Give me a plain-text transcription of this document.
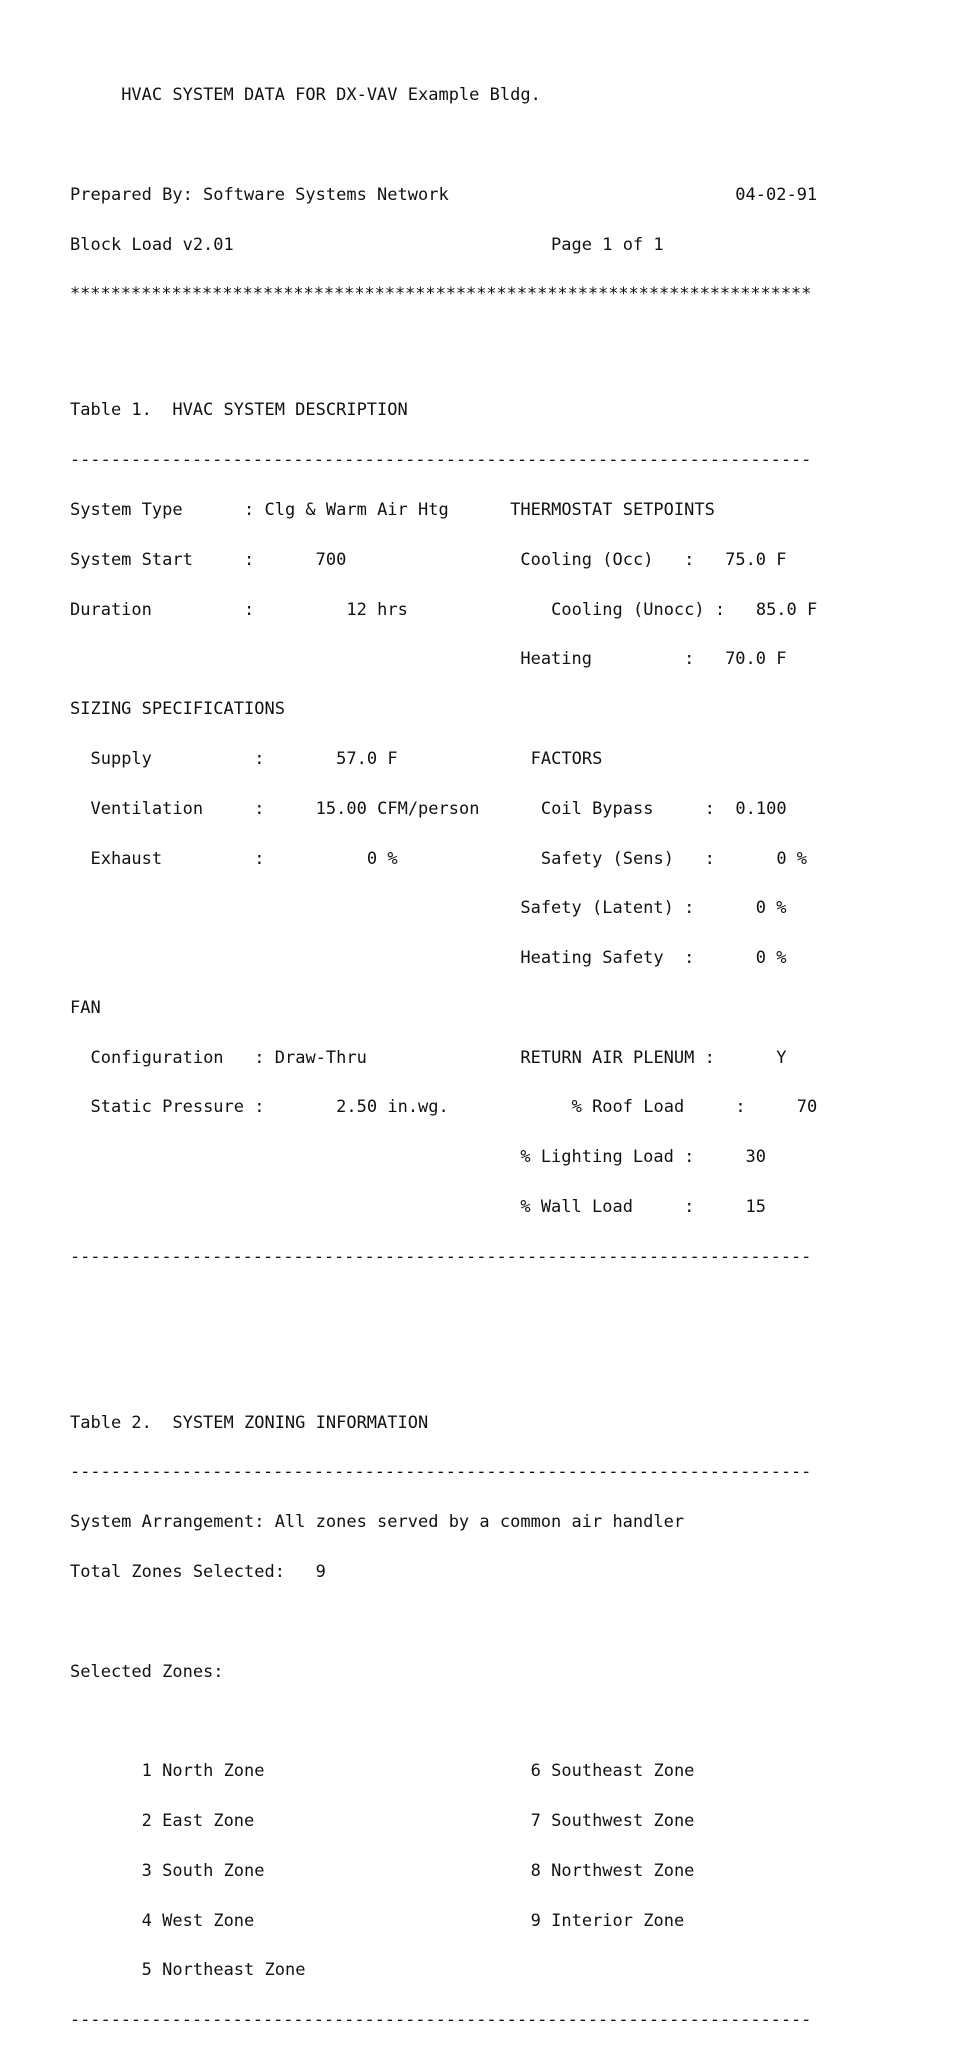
HVAC SYSTEM DATA FOR DX-VAV Example Bldg.

Prepared By: Software Systems Network	04-02-91

Block Load v2.01	Page 1 of 1

*************************************************************************

Table 1.  HVAC SYSTEM DESCRIPTION

-------------------------------------------------------------------------

System Type      : Clg & Warm Air Htg	THERMOSTAT SETPOINTS

System Start     :      700	Cooling (Occ)   :   75.0 F

Duration         :         12 hrs	Cooling (Unocc) :   85.0 F

Heating         :   70.0 F

SIZING SPECIFICATIONS

Supply          :       57.0 F	FACTORS

Ventilation     :     15.00 CFM/person	Coil Bypass     :  0.100

Exhaust         :          0 %	Safety (Sens)   :      0 %

Safety (Latent) :      0 %

Heating Safety  :      0 %

FAN

Configuration   : Draw-Thru	RETURN AIR PLENUM :      Y

Static Pressure :       2.50 in.wg.	% Roof Load     :     70

% Lighting Load :     30

% Wall Load     :     15

-------------------------------------------------------------------------

Table 2.  SYSTEM ZONING INFORMATION

-------------------------------------------------------------------------

System Arrangement: All zones served by a common air handler

Total Zones Selected: 9

Selected Zones:

1 North Zone	6 Southeast Zone

2 East Zone	7 Southwest Zone

3 South Zone	8 Northwest Zone

4 West Zone	9 Interior Zone

5 Northeast Zone

-------------------------------------------------------------------------
